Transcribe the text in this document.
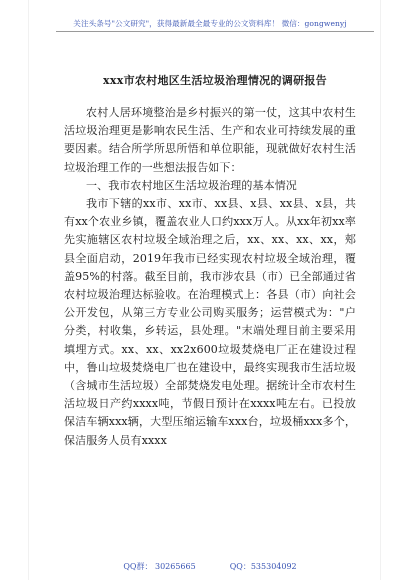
关注头条号"公文研究"，获得最新最全最专业的公文资料库！ 微信：gongwenyj
xxx市农村地区生活垃圾治理情况的调研报告

农村人居环境整治是乡村振兴的第一仗，这其中农村生活垃圾治理更是影响农民生活、生产和农业可持续发展的重要因素。结合所学所思所悟和单位职能，现就做好农村生活垃圾治理工作的一些想法报告如下：

一、我市农村地区生活垃圾治理的基本情况

我市下辖的xx市、xx市、xx县、x县、xx县、x县，共有xx个农业乡镇，覆盖农业人口约xxx万人。从xx年初xx率先实施辖区农村垃圾全域治理之后，xx、xx、xx、xx，郏县全面启动，2019年我市已经实现农村垃圾全域治理，覆盖95%的村落。截至目前，我市涉农县（市）已全部通过省农村垃圾治理达标验收。在治理模式上：各县（市）向社会公开发包，从第三方专业公司购买服务；运营模式为："户分类，村收集，乡转运，县处理。"末端处理目前主要采用填埋方式。xx、xx、xx2x600垃圾焚烧电厂正在建设过程中，鲁山垃圾焚烧电厂也在建设中，最终实现我市生活垃圾（含城市生活垃圾）全部焚烧发电处理。据统计全市农村生活垃圾日产约xxxx吨，节假日预计在xxxx吨左右。已投放保洁车辆xxx辆，大型压缩运输车xxx台，垃圾桶xxx多个，保洁服务人员有xxxx

QQ群： 30265665	QQ：535304092
